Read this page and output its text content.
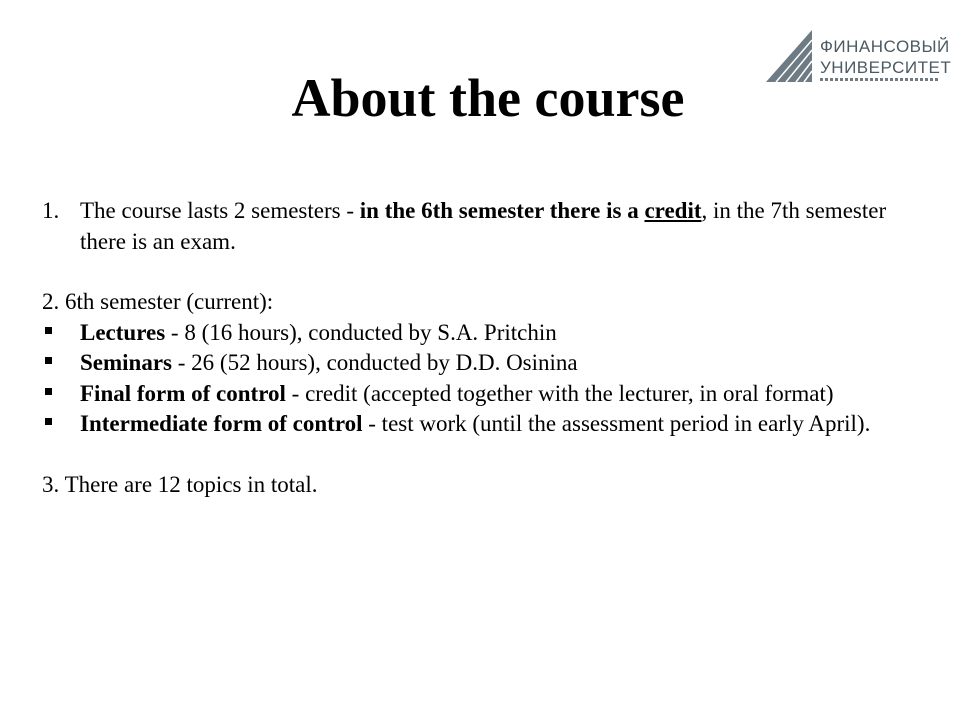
ФИНАНСОВЫЙ
УНИВЕРСИТЕТ
About the course
1. The course lasts 2 semesters - in the 6th semester there is a credit, in the 7th semester there is an exam.
2. 6th semester (current):
Lectures - 8 (16 hours), conducted by S.A. Pritchin
Seminars - 26 (52 hours), conducted by D.D. Osinina
Final form of control - credit (accepted together with the lecturer, in oral format)
Intermediate form of control - test work (until the assessment period in early April).
3. There are 12 topics in total.
